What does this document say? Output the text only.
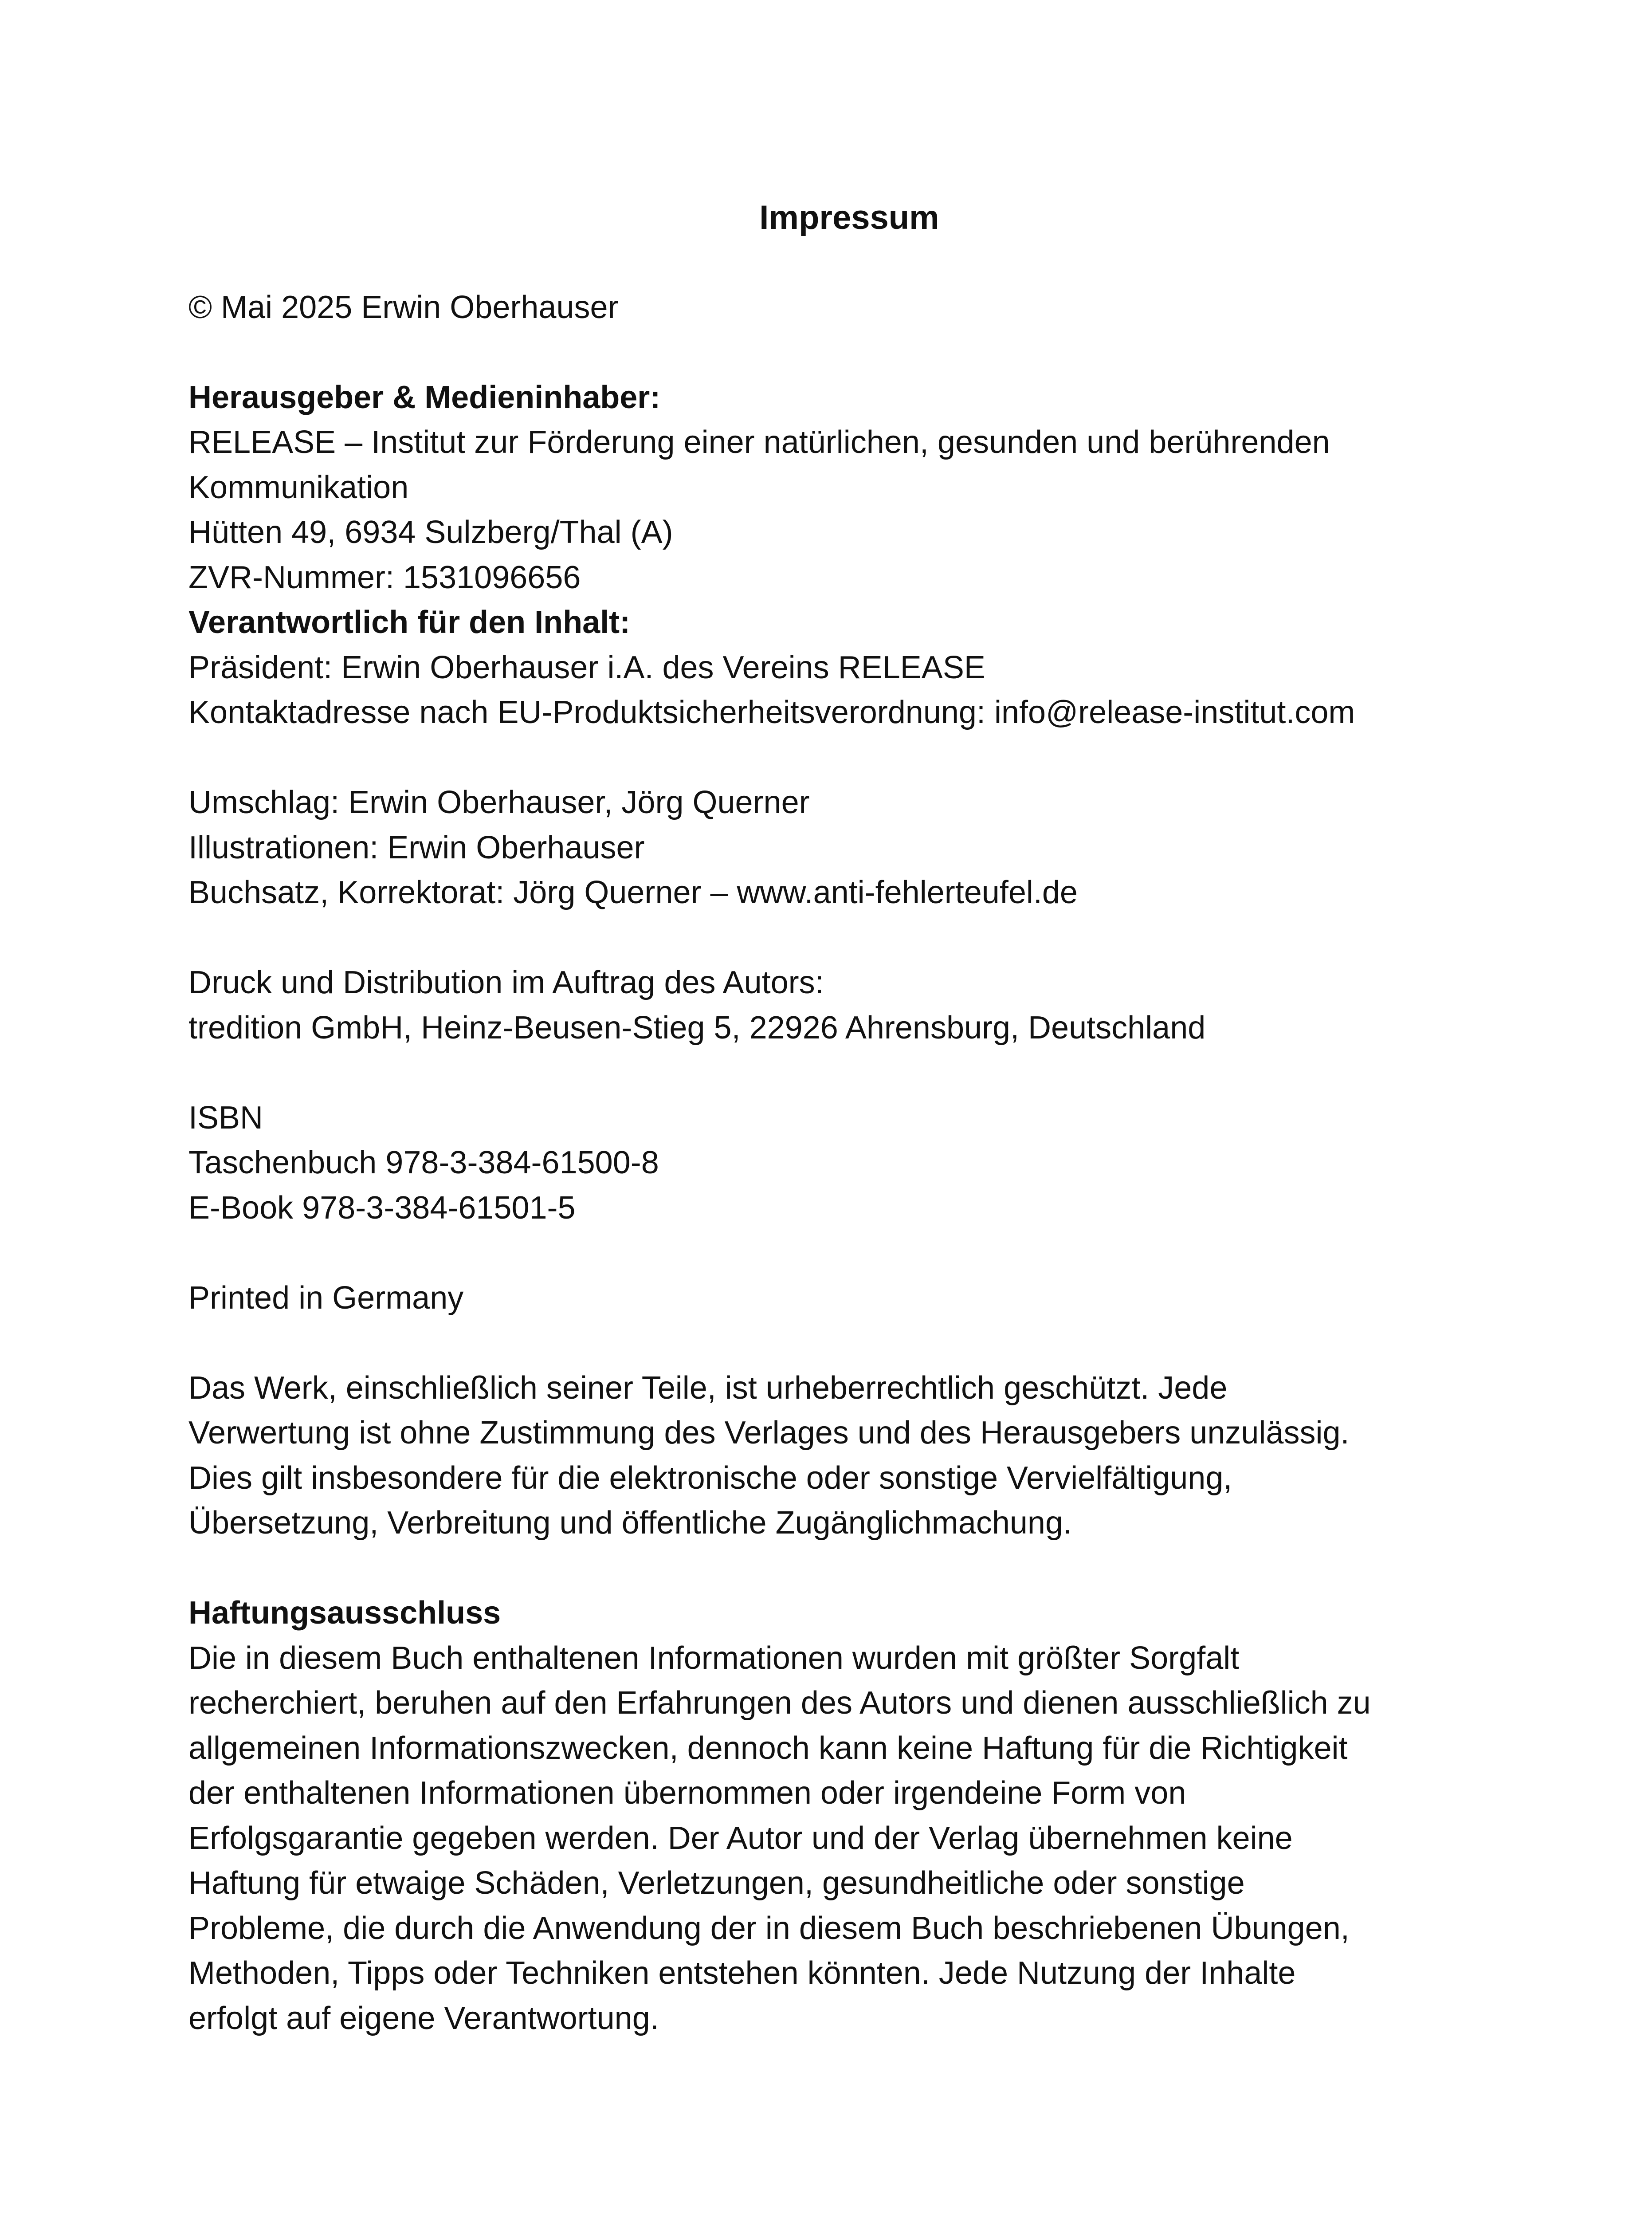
Impressum
© Mai 2025 Erwin Oberhauser
Herausgeber & Medieninhaber:
RELEASE – Institut zur Förderung einer natürlichen, gesunden und berührenden
Kommunikation
Hütten 49, 6934 Sulzberg/Thal (A)
ZVR-Nummer: 1531096656
Verantwortlich für den Inhalt:
Präsident: Erwin Oberhauser i.A. des Vereins RELEASE
Kontaktadresse nach EU-Produktsicherheitsverordnung: info@release-institut.com
Umschlag: Erwin Oberhauser, Jörg Querner
Illustrationen: Erwin Oberhauser
Buchsatz, Korrektorat: Jörg Querner – www.anti-fehlerteufel.de
Druck und Distribution im Auftrag des Autors:
tredition GmbH, Heinz-Beusen-Stieg 5, 22926 Ahrensburg, Deutschland
ISBN
Taschenbuch 978-3-384-61500-8
E-Book 978-3-384-61501-5
Printed in Germany
Das Werk, einschließlich seiner Teile, ist urheberrechtlich geschützt. Jede
Verwertung ist ohne Zustimmung des Verlages und des Herausgebers unzulässig.
Dies gilt insbesondere für die elektronische oder sonstige Vervielfältigung,
Übersetzung, Verbreitung und öffentliche Zugänglichmachung.
Haftungsausschluss
Die in diesem Buch enthaltenen Informationen wurden mit größter Sorgfalt
recherchiert, beruhen auf den Erfahrungen des Autors und dienen ausschließlich zu
allgemeinen Informationszwecken, dennoch kann keine Haftung für die Richtigkeit
der enthaltenen Informationen übernommen oder irgendeine Form von
Erfolgsgarantie gegeben werden. Der Autor und der Verlag übernehmen keine
Haftung für etwaige Schäden, Verletzungen, gesundheitliche oder sonstige
Probleme, die durch die Anwendung der in diesem Buch beschriebenen Übungen,
Methoden, Tipps oder Techniken entstehen könnten. Jede Nutzung der Inhalte
erfolgt auf eigene Verantwortung.
